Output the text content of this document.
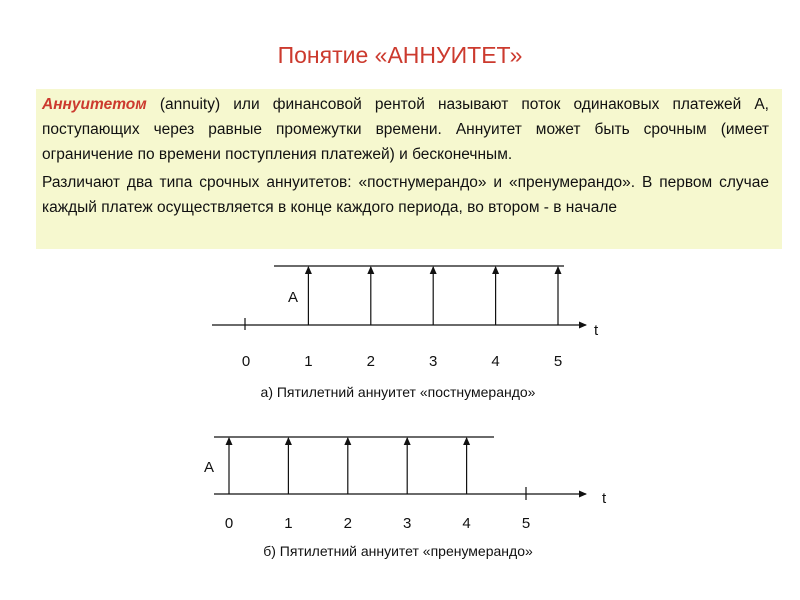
Понятие «АННУИТЕТ»

Аннуитетом (annuity) или финансовой рентой называют поток одинаковых платежей А, поступающих через равные промежутки времени. Аннуитет может быть срочным (имеет ограничение по времени поступления платежей) и бесконечным.

Различают два типа срочных аннуитетов: «постнумерандо» и «пренумерандо». В первом случае каждый платеж осуществляется в конце каждого периода, во втором - в начале

А
t
0	1	2	3	4	5
а) Пятилетний аннуитет «постнумерандо»
А
t
0	1	2	3	4	5
б) Пятилетний аннуитет «пренумерандо»
